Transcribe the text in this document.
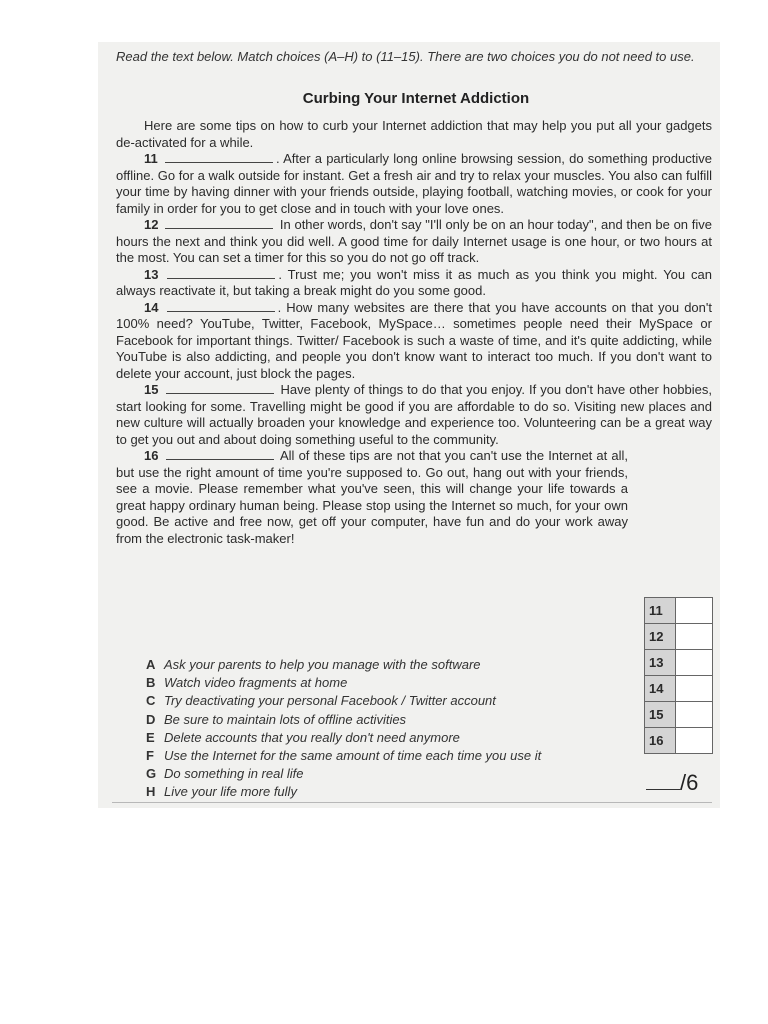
Read the text below. Match choices (A–H) to (11–15). There are two choices you do not need to use.
Curbing Your Internet Addiction

Here are some tips on how to curb your Internet addiction that may help you put all your gadgets de-activated for a while.

11	. After a particularly long online browsing session, do something productive offline. Go for a walk outside for instant. Get a fresh air and try to relax your muscles. You also can fulfill your time by having dinner with your friends outside, playing football, watching movies, or cook for your family in order for you to get close and in touch with your love ones.

12	In other words, don't say "I'll only be on an hour today", and then be on five hours the next and think you did well. A good time for daily Internet usage is one hour, or two hours at the most. You can set a timer for this so you do not go off track.

13	. Trust me; you won't miss it as much as you think you might. You can always reactivate it, but taking a break might do you some good.

14	. How many websites are there that you have accounts on that you don't 100% need? YouTube, Twitter, Facebook, MySpace… sometimes people need their MySpace or Facebook for important things. Twitter/ Facebook is such a waste of time, and it's quite addicting, while YouTube is also addicting, and people you don't know want to interact too much. If you don't want to delete your account, just block the pages.

15	Have plenty of things to do that you enjoy. If you don't have other hobbies, start looking for some. Travelling might be good if you are affordable to do so. Visiting new places and new culture will actually broaden your knowledge and experience too. Volunteering can be a great way to get you out and about doing something useful to the community.

16	All of these tips are not that you can't use the Internet at all, but use the right amount of time you're supposed to. Go out, hang out with your friends, see a movie. Please remember what you've seen, this will change your life towards a great happy ordinary human being. Please stop using the Internet so much, for your own good. Be active and free now, get off your computer, have fun and do your work away from the electronic task-maker!

A Ask your parents to help you manage with the software
B Watch video fragments at home
C Try deactivating your personal Facebook / Twitter account
D Be sure to maintain lots of offline activities
E Delete accounts that you really don't need anymore
F Use the Internet for the same amount of time each time you use it
G Do something in real life
H Live your life more fully
11	
12	
13	
14	
15	
16	
/6
